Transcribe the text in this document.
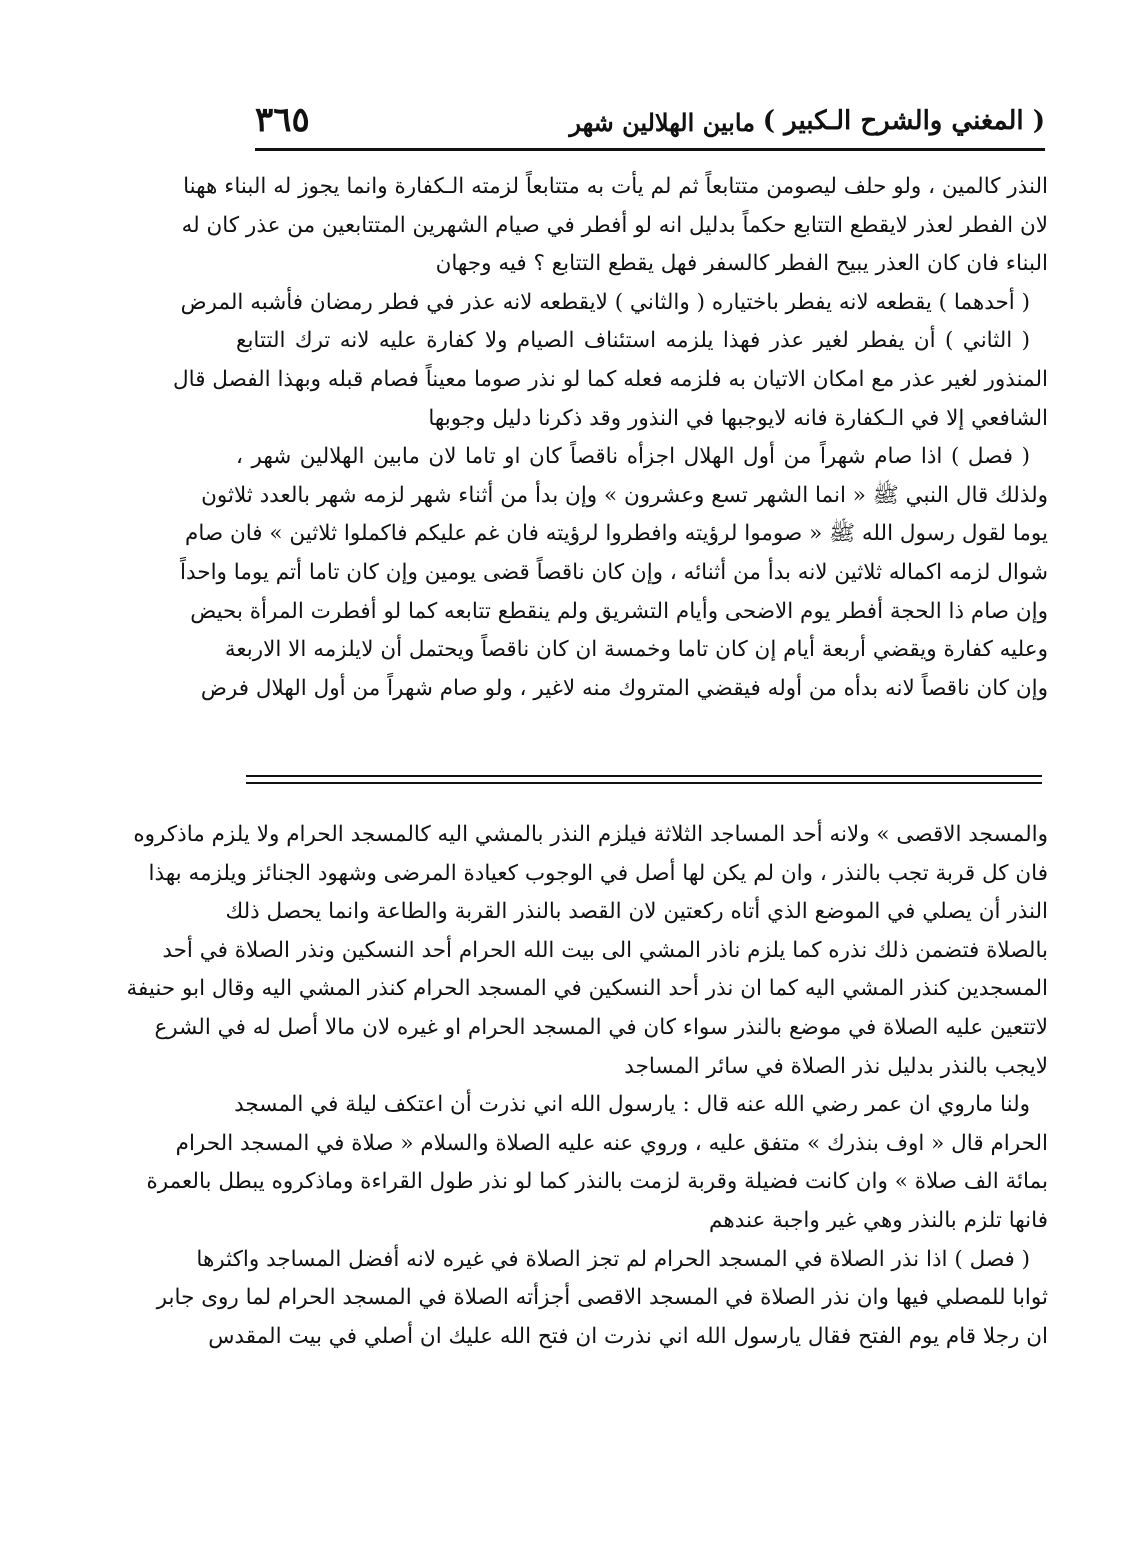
( المغني والشرح الـكبير )
مابين الهلالين شهر
٣٦٥
النذر كالمين ، ولو حلف ليصومن متتابعاً ثم لم يأت به متتابعاً لزمته الـكفارة وانما يجوز له البناء ههنا
لان الفطر لعذر لايقطع التتابع حكماً بدليل انه لو أفطر في صيام الشهرين المتتابعين من عذر كان له
البناء فان كان العذر يبيح الفطر كالسفر فهل يقطع التتابع ؟ فيه وجهان
( أحدهما ) يقطعه لانه يفطر باختياره ( والثاني ) لايقطعه لانه عذر في فطر رمضان فأشبه المرض
( الثاني ) أن يفطر لغير عذر فهذا يلزمه استئناف الصيام ولا كفارة عليه لانه ترك التتابع
المنذور لغير عذر مع امكان الاتيان به فلزمه فعله كما لو نذر صوما معيناً فصام قبله وبهذا الفصل قال
الشافعي إلا في الـكفارة فانه لايوجبها في النذور وقد ذكرنا دليل وجوبها
( فصل ) اذا صام شهراً من أول الهلال اجزأه ناقصاً كان او تاما لان مابين الهلالين شهر ،
ولذلك قال النبي ﷺ « انما الشهر تسع وعشرون » وإن بدأ من أثناء شهر لزمه شهر بالعدد ثلاثون
يوما لقول رسول الله ﷺ « صوموا لرؤيته وافطروا لرؤيته فان غم عليكم فاكملوا ثلاثين » فان صام
شوال لزمه اكماله ثلاثين لانه بدأ من أثنائه ، وإن كان ناقصاً قضى يومين وإن كان تاما أتم يوما واحداً
وإن صام ذا الحجة أفطر يوم الاضحى وأيام التشريق ولم ينقطع تتابعه كما لو أفطرت المرأة بحيض
وعليه كفارة ويقضي أربعة أيام إن كان تاما وخمسة ان كان ناقصاً ويحتمل أن لايلزمه الا الاربعة
وإن كان ناقصاً لانه بدأه من أوله فيقضي المتروك منه لاغير ، ولو صام شهراً من أول الهلال فرض
والمسجد الاقصى » ولانه أحد المساجد الثلاثة فيلزم النذر بالمشي اليه كالمسجد الحرام ولا يلزم ماذكروه
فان كل قربة تجب بالنذر ، وان لم يكن لها أصل في الوجوب كعيادة المرضى وشهود الجنائز ويلزمه بهذا
النذر أن يصلي في الموضع الذي أتاه ركعتين لان القصد بالنذر القربة والطاعة وانما يحصل ذلك
بالصلاة فتضمن ذلك نذره كما يلزم ناذر المشي الى بيت الله الحرام أحد النسكين ونذر الصلاة في أحد
المسجدين كنذر المشي اليه كما ان نذر أحد النسكين في المسجد الحرام كنذر المشي اليه وقال ابو حنيفة
لاتتعين عليه الصلاة في موضع بالنذر سواء كان في المسجد الحرام او غيره لان مالا أصل له في الشرع
لايجب بالنذر بدليل نذر الصلاة في سائر المساجد
ولنا ماروي ان عمر رضي الله عنه قال : يارسول الله اني نذرت أن اعتكف ليلة في المسجد
الحرام قال « اوف بنذرك » متفق عليه ، وروي عنه عليه الصلاة والسلام « صلاة في المسجد الحرام
بمائة الف صلاة » وان كانت فضيلة وقربة لزمت بالنذر كما لو نذر طول القراءة وماذكروه يبطل بالعمرة
فانها تلزم بالنذر وهي غير واجبة عندهم
( فصل ) اذا نذر الصلاة في المسجد الحرام لم تجز الصلاة في غيره لانه أفضل المساجد واكثرها
ثوابا للمصلي فيها وان نذر الصلاة في المسجد الاقصى أجزأته الصلاة في المسجد الحرام لما روى جابر
ان رجلا قام يوم الفتح فقال يارسول الله اني نذرت ان فتح الله عليك ان أصلي في بيت المقدس
